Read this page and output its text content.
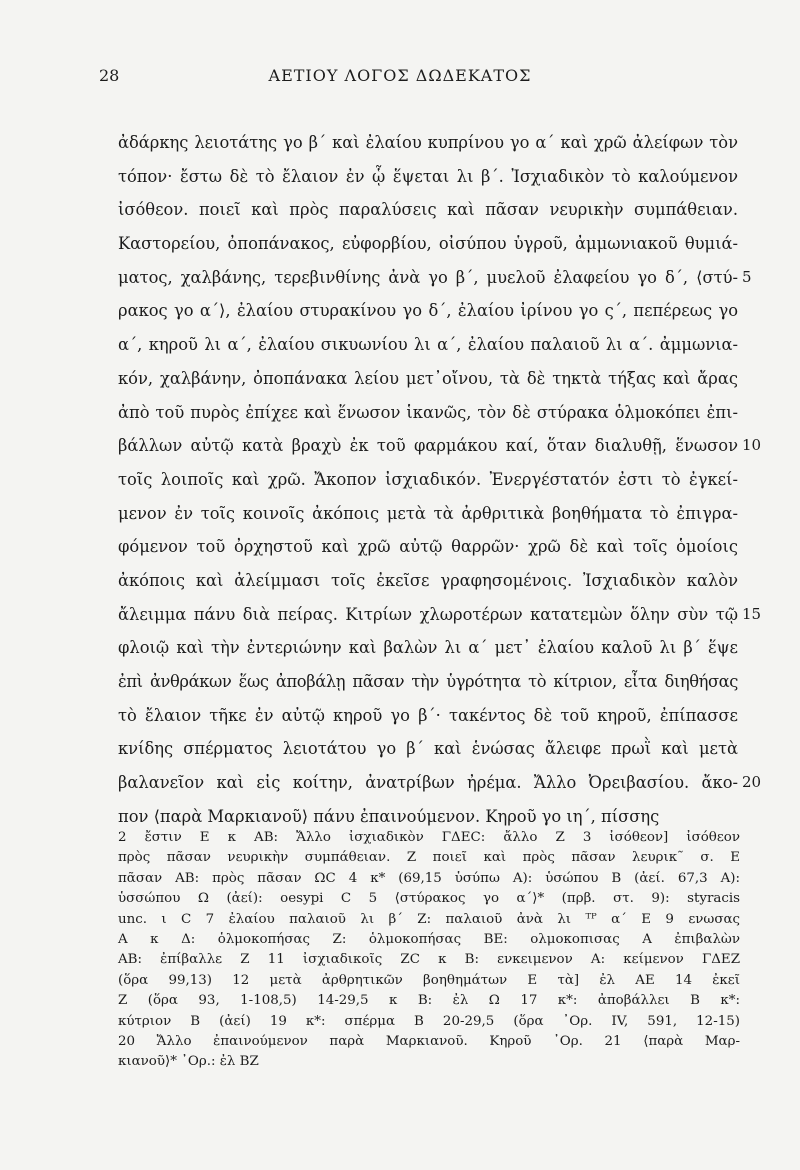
28	ΑΕΤΙΟΥ ΛΟΓΟΣ ΔΩΔΕΚΑΤΟΣ
ἀδάρκης λειοτάτης γο β΄ καὶ ἐλαίου κυπρίνου γο α΄ καὶ χρῶ ἀλείφων τὸν
τόπον· ἔστω δὲ τὸ ἔλαιον ἐν ᾧ ἕψεται λι β΄. Ἰσχιαδικὸν τὸ καλούμενον
ἰσόθεον. ποιεῖ καὶ πρὸς παραλύσεις καὶ πᾶσαν νευρικὴν συμπάθειαν.
Καστορείου, ὀποπάνακος, εὐφορβίου, οἰσύπου ὑγροῦ, ἀμμωνιακοῦ θυμιά-
ματος, χαλβάνης, τερεβινθίνης ἀνὰ γο β΄, μυελοῦ ἐλαφείου γο δ΄, ⟨στύ-
ρακος γο α΄⟩, ἐλαίου στυρακίνου γο δ΄, ἐλαίου ἰρίνου γο ς΄, πεπέρεως γο
α΄, κηροῦ λι α΄, ἐλαίου σικυωνίου λι α΄, ἐλαίου παλαιοῦ λι α΄. ἀμμωνια-
κόν, χαλβάνην, ὀποπάνακα λείου μετ᾽οἴνου, τὰ δὲ τηκτὰ τήξας καὶ ἄρας
ἀπὸ τοῦ πυρὸς ἐπίχεε καὶ ἕνωσον ἱκανῶς, τὸν δὲ στύρακα ὁλμοκόπει ἐπι-
βάλλων αὐτῷ κατὰ βραχὺ ἐκ τοῦ φαρμάκου καί, ὅταν διαλυθῇ, ἕνωσον
τοῖς λοιποῖς καὶ χρῶ. Ἄκοπον ἰσχιαδικόν. Ἐνεργέστατόν ἐστι τὸ ἐγκεί-
μενον ἐν τοῖς κοινοῖς ἀκόποις μετὰ τὰ ἀρθριτικὰ βοηθήματα τὸ ἐπιγρα-
φόμενον τοῦ ὀρχηστοῦ καὶ χρῶ αὐτῷ θαρρῶν· χρῶ δὲ καὶ τοῖς ὁμοίοις
ἀκόποις καὶ ἀλείμμασι τοῖς ἐκεῖσε γραφησομένοις. Ἰσχιαδικὸν καλὸν
ἄλειμμα πάνυ διὰ πείρας. Κιτρίων χλωροτέρων κατατεμὼν ὅλην σὺν τῷ
φλοιῷ καὶ τὴν ἐντεριώνην καὶ βαλὼν λι α΄ μετ᾽ ἐλαίου καλοῦ λι β΄ ἕψε
ἐπὶ ἀνθράκων ἕως ἀποβάλῃ πᾶσαν τὴν ὑγρότητα τὸ κίτριον, εἶτα διηθήσας
τὸ ἔλαιον τῆκε ἐν αὐτῷ κηροῦ γο β΄· τακέντος δὲ τοῦ κηροῦ, ἐπίπασσε
κνίδης σπέρματος λειοτάτου γο β΄ καὶ ἑνώσας ἄλειφε πρωῒ καὶ μετὰ
βαλανεῖον καὶ εἰς κοίτην, ἀνατρίβων ἠρέμα. Ἄλλο Ὀρειβασίου. ἄκο-
πον ⟨παρὰ Μαρκιανοῦ⟩ πάνυ ἐπαινούμενον. Κηροῦ γο ιη΄, πίσσης
5
10
15
20
2 ἔστιν E κ AB: Ἄλλο ἰσχιαδικὸν ΓΔΕC: ἄλλο Z 3 ἰσόθεον] ἰσόθεον
πρὸς πᾶσαν νευρικὴν συμπάθειαν. Z ποιεῖ καὶ πρὸς πᾶσαν λευρικ῀ σ. E
πᾶσαν AB: πρὸς πᾶσαν ΩC 4 κ* (69,15 ὑσύπω A): ὑσώπου B (ἀεί. 67,3 A):
ὑσσώπου Ω (ἀεί): oesypi C 5 ⟨στύρακος γο α΄⟩* (πρβ. στ. 9): styracis
unc. ι C 7 ἐλαίου παλαιοῦ λι β΄ Z: παλαιοῦ ἀνὰ λι ᵀᴾ α΄ E 9 ενωσας
A κ Δ: ὁλμοκοπήσας Z: ὁλμοκοπήσας BE: ολμοκοπισας A ἐπιβαλὼν
AB: ἐπίβαλλε Z 11 ἰσχιαδικοῖς ZC κ B: ενκειμενον A: κείμενον ΓΔΕΖ
(ὅρα 99,13) 12 μετὰ ἀρθρητικῶν βοηθημάτων E τὰ] ἐλ AE 14 ἐκεῖ
Z (ὅρα 93, 1-108,5) 14-29,5 κ B: ἐλ Ω 17 κ*: ἀποβάλλει B κ*:
κύτριον B (ἀεί) 19 κ*: σπέρμα B 20-29,5 (ὅρα ᾿Ορ. IV, 591, 12-15)
20 Ἄλλο ἐπαινούμενον παρὰ Μαρκιανοῦ. Κηροῦ ᾿Ορ. 21 ⟨παρὰ Μαρ-
κιανοῦ⟩* ᾿Ορ.: ἐλ BZ
